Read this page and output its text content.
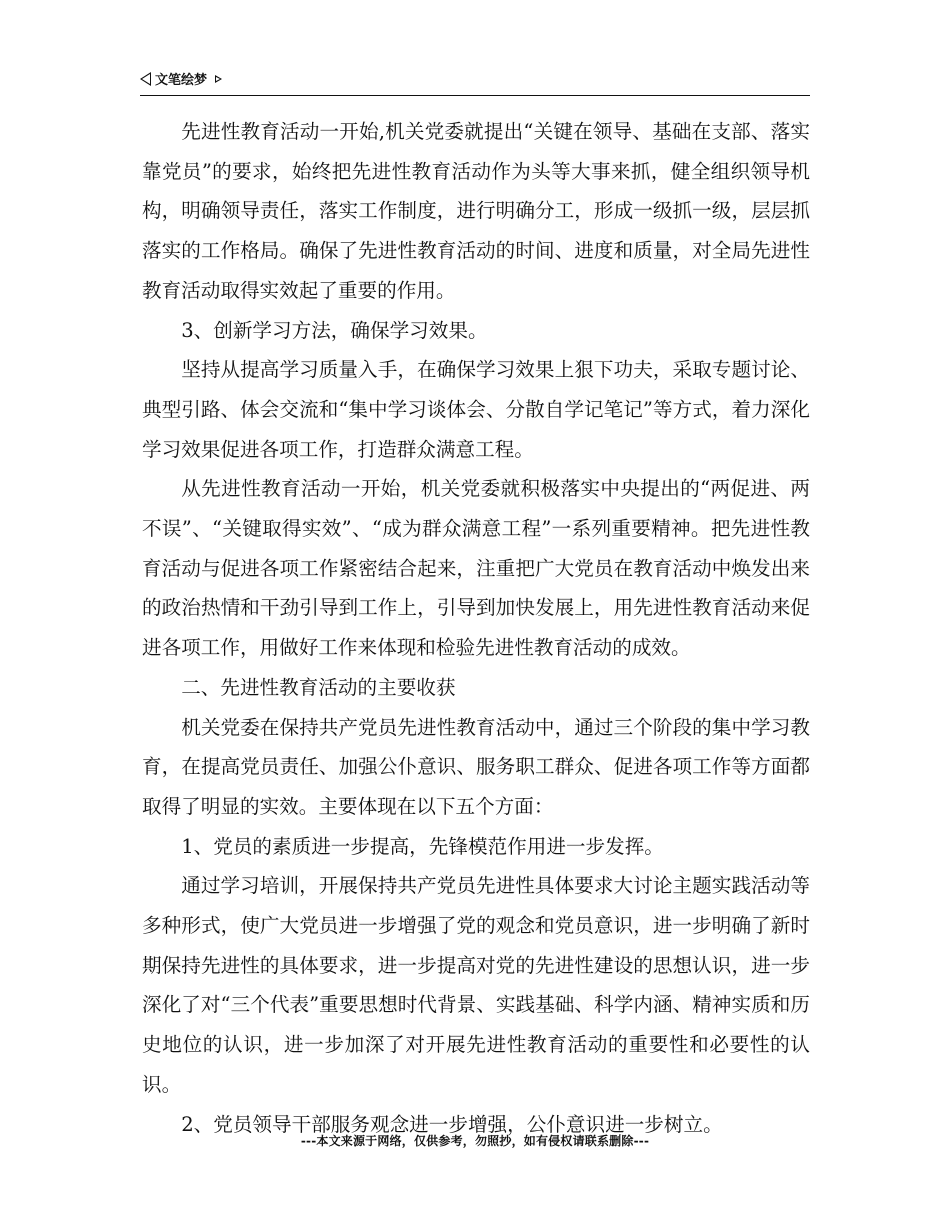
文笔绘梦

先进性教育活动一开始,机关党委就提出“关键在领导、基础在支部、落实靠党员”的要求，始终把先进性教育活动作为头等大事来抓，健全组织领导机构，明确领导责任，落实工作制度，进行明确分工，形成一级抓一级，层层抓落实的工作格局。确保了先进性教育活动的时间、进度和质量，对全局先进性教育活动取得实效起了重要的作用。

3、创新学习方法，确保学习效果。

坚持从提高学习质量入手，在确保学习效果上狠下功夫，采取专题讨论、典型引路、体会交流和“集中学习谈体会、分散自学记笔记”等方式，着力深化学习效果促进各项工作，打造群众满意工程。

从先进性教育活动一开始，机关党委就积极落实中央提出的“两促进、两不误”、“关键取得实效”、“成为群众满意工程”一系列重要精神。把先进性教育活动与促进各项工作紧密结合起来，注重把广大党员在教育活动中焕发出来的政治热情和干劲引导到工作上，引导到加快发展上，用先进性教育活动来促进各项工作，用做好工作来体现和检验先进性教育活动的成效。

二、先进性教育活动的主要收获

机关党委在保持共产党员先进性教育活动中，通过三个阶段的集中学习教育，在提高党员责任、加强公仆意识、服务职工群众、促进各项工作等方面都取得了明显的实效。主要体现在以下五个方面：

1、党员的素质进一步提高，先锋模范作用进一步发挥。

通过学习培训，开展保持共产党员先进性具体要求大讨论主题实践活动等多种形式，使广大党员进一步增强了党的观念和党员意识，进一步明确了新时期保持先进性的具体要求，进一步提高对党的先进性建设的思想认识，进一步深化了对“三个代表”重要思想时代背景、实践基础、科学内涵、精神实质和历史地位的认识，进一步加深了对开展先进性教育活动的重要性和必要性的认识。

2、党员领导干部服务观念进一步增强，公仆意识进一步树立。

---本文来源于网络，仅供参考，勿照抄，如有侵权请联系删除---
